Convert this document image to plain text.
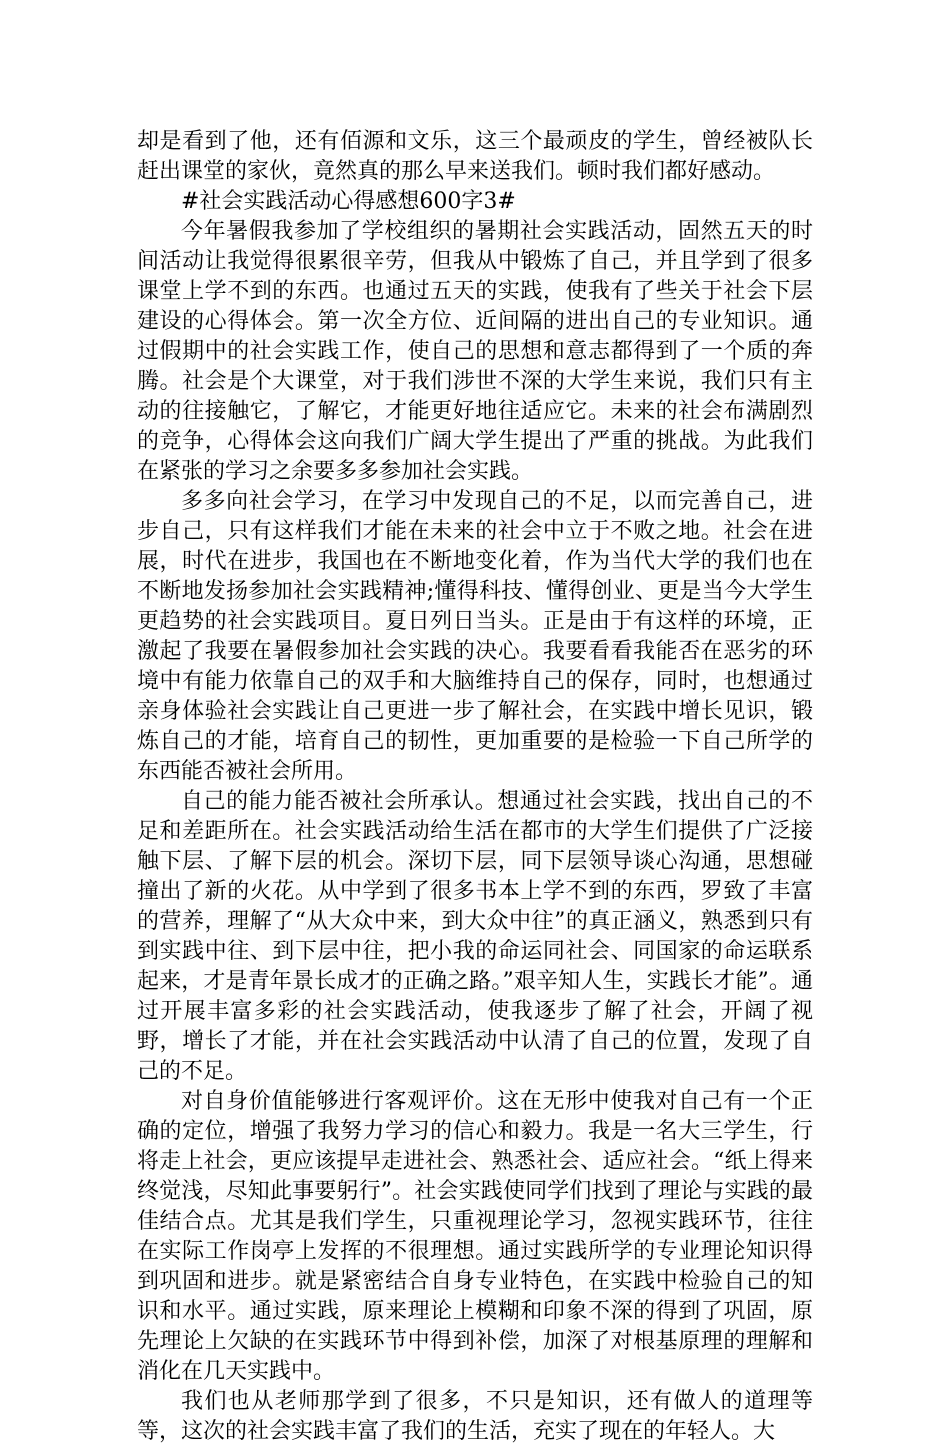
却是看到了他，还有佰源和文乐，这三个最顽皮的学生，曾经被队长赶出课堂的家伙，竟然真的那么早来送我们。顿时我们都好感动。

#社会实践活动心得感想600字3#

今年暑假我参加了学校组织的暑期社会实践活动，固然五天的时间活动让我觉得很累很辛劳，但我从中锻炼了自己，并且学到了很多课堂上学不到的东西。也通过五天的实践，使我有了些关于社会下层建设的心得体会。第一次全方位、近间隔的进出自己的专业知识。通过假期中的社会实践工作，使自己的思想和意志都得到了一个质的奔腾。社会是个大课堂，对于我们涉世不深的大学生来说，我们只有主动的往接触它，了解它，才能更好地往适应它。未来的社会布满剧烈的竞争，心得体会这向我们广阔大学生提出了严重的挑战。为此我们在紧张的学习之余要多多参加社会实践。

多多向社会学习，在学习中发现自己的不足，以而完善自己，进步自己，只有这样我们才能在未来的社会中立于不败之地。社会在进展，时代在进步，我国也在不断地变化着，作为当代大学的我们也在不断地发扬参加社会实践精神;懂得科技、懂得创业、更是当今大学生更趋势的社会实践项目。夏日列日当头。正是由于有这样的环境，正激起了我要在暑假参加社会实践的决心。我要看看我能否在恶劣的环境中有能力依靠自己的双手和大脑维持自己的保存，同时，也想通过亲身体验社会实践让自己更进一步了解社会，在实践中增长见识，锻炼自己的才能，培育自己的韧性，更加重要的是检验一下自己所学的东西能否被社会所用。

自己的能力能否被社会所承认。想通过社会实践，找出自己的不足和差距所在。社会实践活动给生活在都市的大学生们提供了广泛接触下层、了解下层的机会。深切下层，同下层领导谈心沟通，思想碰撞出了新的火花。从中学到了很多书本上学不到的东西，罗致了丰富的营养，理解了“从大众中来，到大众中往”的真正涵义，熟悉到只有到实践中往、到下层中往，把小我的命运同社会、同国家的命运联系起来，才是青年景长成才的正确之路。”艰辛知人生，实践长才能”。通过开展丰富多彩的社会实践活动，使我逐步了解了社会，开阔了视野，增长了才能，并在社会实践活动中认清了自己的位置，发现了自己的不足。

对自身价值能够进行客观评价。这在无形中使我对自己有一个正确的定位，增强了我努力学习的信心和毅力。我是一名大三学生，行将走上社会，更应该提早走进社会、熟悉社会、适应社会。“纸上得来终觉浅，尽知此事要躬行”。社会实践使同学们找到了理论与实践的最佳结合点。尤其是我们学生，只重视理论学习，忽视实践环节，往往在实际工作岗亭上发挥的不很理想。通过实践所学的专业理论知识得到巩固和进步。就是紧密结合自身专业特色，在实践中检验自己的知识和水平。通过实践，原来理论上模糊和印象不深的得到了巩固，原先理论上欠缺的在实践环节中得到补偿，加深了对根基原理的理解和消化在几天实践中。

我们也从老师那学到了很多，不只是知识，还有做人的道理等等，这次的社会实践丰富了我们的生活，充实了现在的年轻人。大
